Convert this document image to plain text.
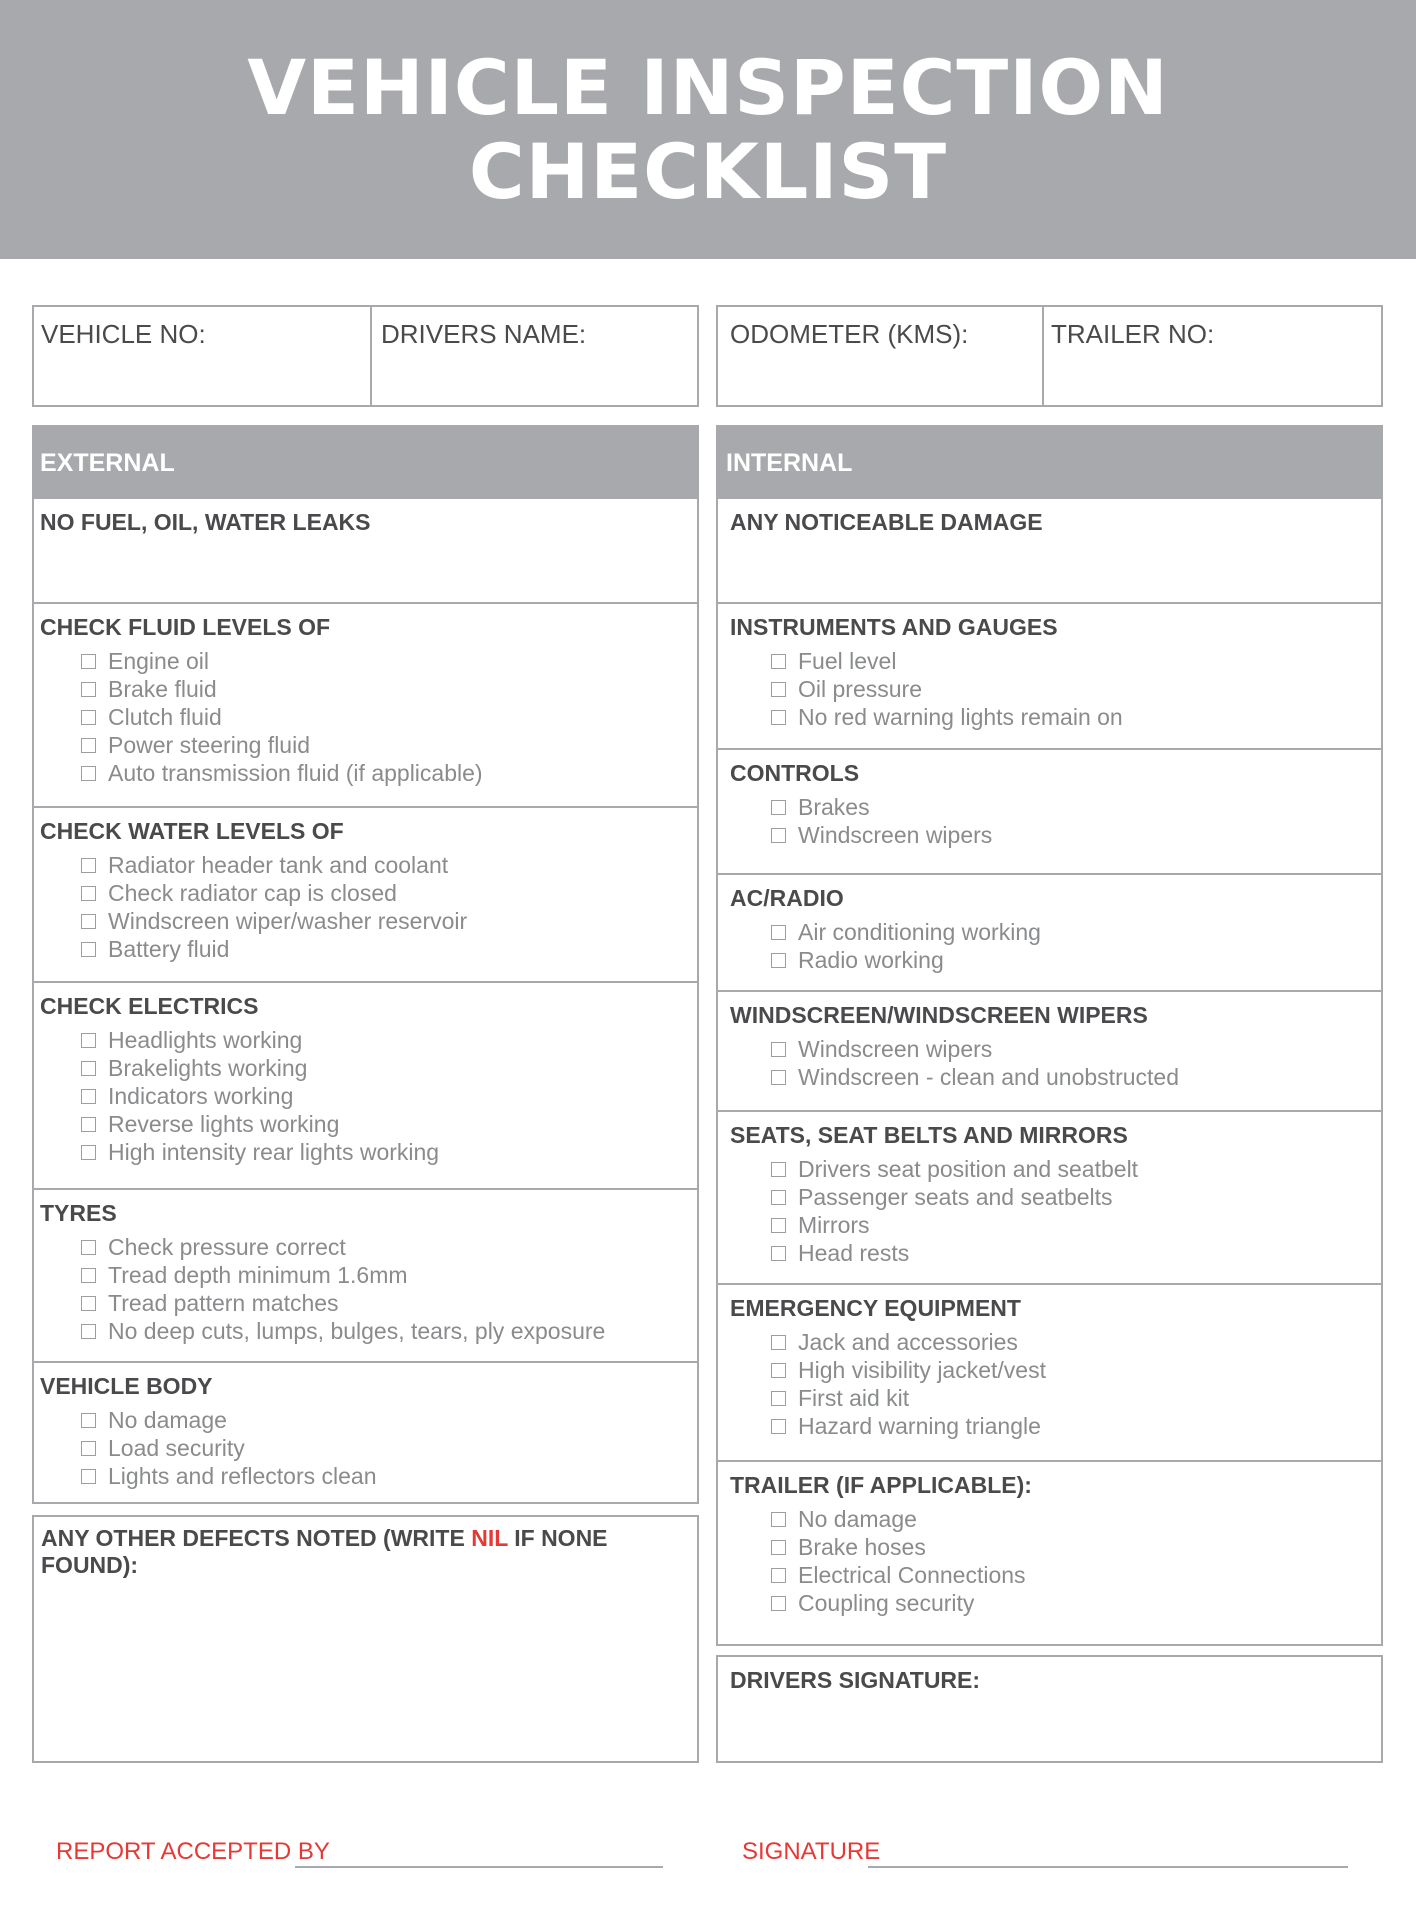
VEHICLE INSPECTION
CHECKLIST
VEHICLE NO:	DRIVERS NAME:	ODOMETER (KMS):	TRAILER NO:
EXTERNAL
NO FUEL, OIL, WATER LEAKS
CHECK FLUID LEVELS OF
Engine oil
Brake fluid
Clutch fluid
Power steering fluid
Auto transmission fluid (if applicable)
CHECK WATER LEVELS OF
Radiator header tank and coolant
Check radiator cap is closed
Windscreen wiper/washer reservoir
Battery fluid
CHECK ELECTRICS
Headlights working
Brakelights working
Indicators working
Reverse lights working
High intensity rear lights working
TYRES
Check pressure correct
Tread depth minimum 1.6mm
Tread pattern matches
No deep cuts, lumps, bulges, tears, ply exposure
VEHICLE BODY
No damage
Load security
Lights and reflectors clean
ANY OTHER DEFECTS NOTED (WRITE NIL IF NONE FOUND):
INTERNAL
ANY NOTICEABLE DAMAGE
INSTRUMENTS AND GAUGES
Fuel level
Oil pressure
No red warning lights remain on
CONTROLS
Brakes
Windscreen wipers
AC/RADIO
Air conditioning working
Radio working
WINDSCREEN/WINDSCREEN WIPERS
Windscreen wipers
Windscreen - clean and unobstructed
SEATS, SEAT BELTS AND MIRRORS
Drivers seat position and seatbelt
Passenger seats and seatbelts
Mirrors
Head rests
EMERGENCY EQUIPMENT
Jack and accessories
High visibility jacket/vest
First aid kit
Hazard warning triangle
TRAILER (IF APPLICABLE):
No damage
Brake hoses
Electrical Connections
Coupling security
DRIVERS SIGNATURE:
REPORT ACCEPTED BY	SIGNATURE
